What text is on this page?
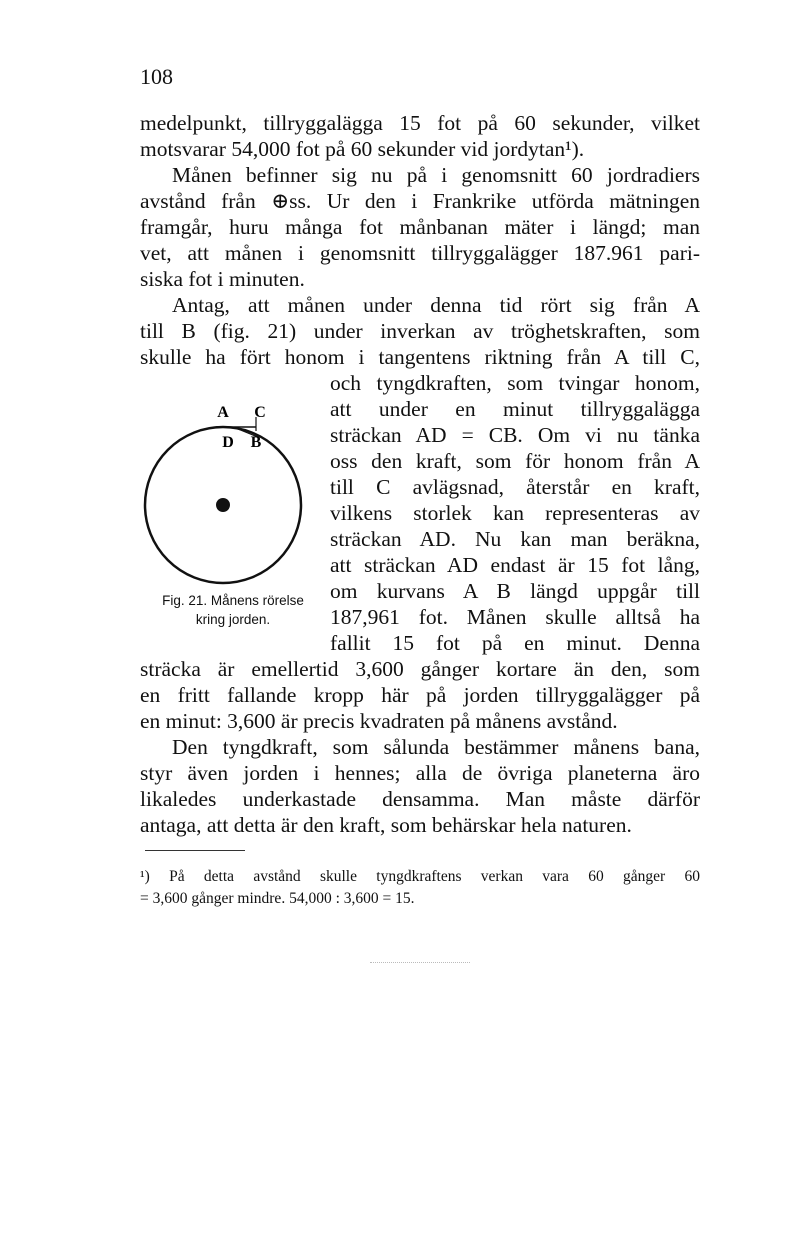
108
medelpunkt, tillryggalägga 15 fot på 60 sekunder, vilket
motsvarar 54,000 fot på 60 sekunder vid jordytan¹).
Månen befinner sig nu på i genomsnitt 60 jordradiers
avstånd från ⊕ss. Ur den i Frankrike utförda mätningen
framgår, huru många fot månbanan mäter i längd; man
vet, att månen i genomsnitt tillryggalägger 187.961 pari-
siska fot i minuten.
Antag, att månen under denna tid rört sig från A
till B (fig. 21) under inverkan av tröghetskraften, som
skulle ha fört honom i tangentens riktning från A till C,
A C
D B
Fig. 21. Månens rörelse
kring jorden.
och tyngdkraften, som tvingar honom,
att under en minut tillryggalägga
sträckan AD = CB. Om vi nu tänka
oss den kraft, som för honom från A
till C avlägsnad, återstår en kraft,
vilkens storlek kan representeras av
sträckan AD. Nu kan man beräkna,
att sträckan AD endast är 15 fot lång,
om kurvans A B längd uppgår till
187,961 fot. Månen skulle alltså ha
fallit 15 fot på en minut. Denna
sträcka är emellertid 3,600 gånger kortare än den, som
en fritt fallande kropp här på jorden tillryggalägger på
en minut: 3,600 är precis kvadraten på månens avstånd.
Den tyngdkraft, som sålunda bestämmer månens bana,
styr även jorden i hennes; alla de övriga planeterna äro
likaledes underkastade densamma. Man måste därför
antaga, att detta är den kraft, som behärskar hela naturen.
¹) På detta avstånd skulle tyngdkraftens verkan vara 60 gånger 60
= 3,600 gånger mindre. 54,000 : 3,600 = 15.
